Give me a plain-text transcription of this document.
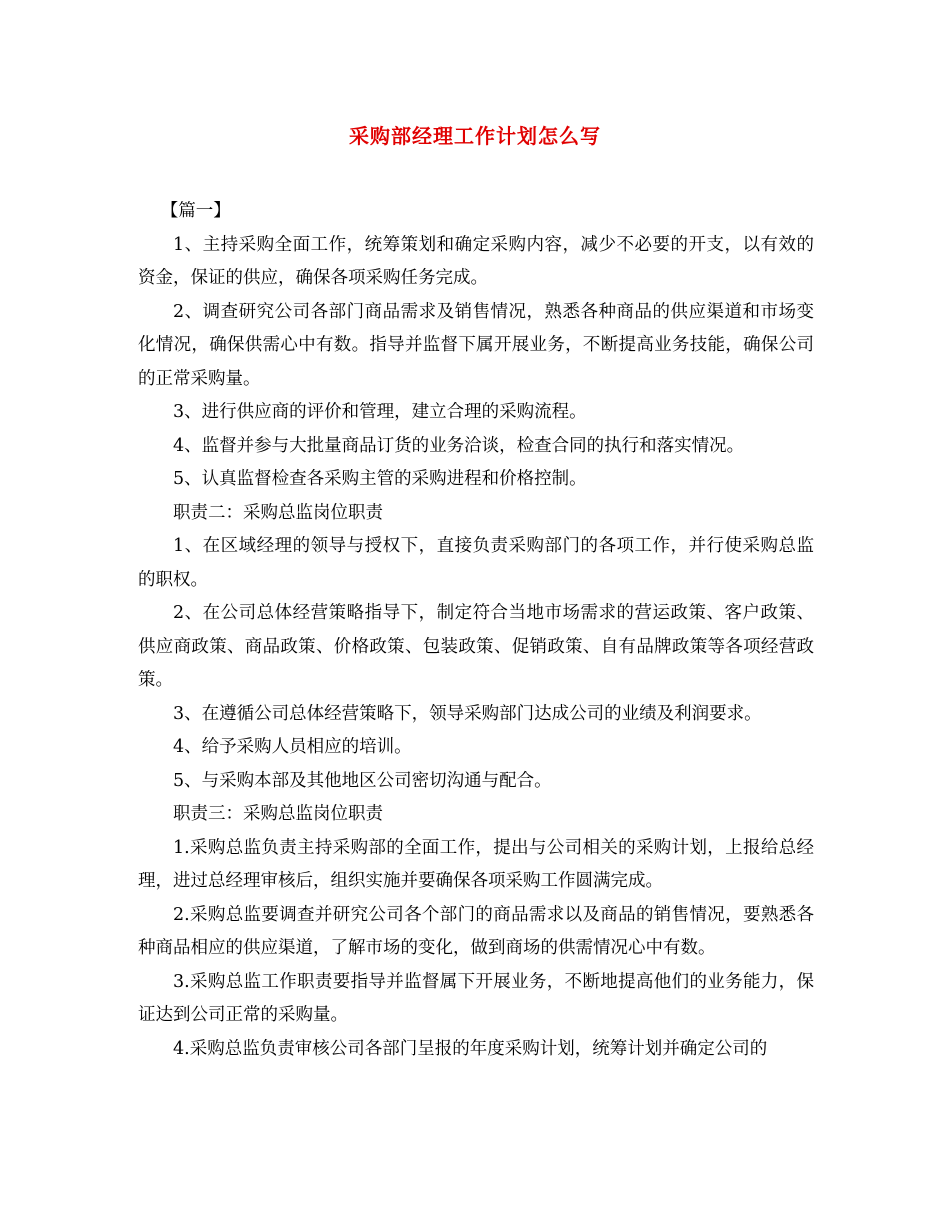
采购部经理工作计划怎么写

【篇一】

1、主持采购全面工作，统筹策划和确定采购内容，减少不必要的开支，以有效的资金，保证的供应，确保各项采购任务完成。

2、调查研究公司各部门商品需求及销售情况，熟悉各种商品的供应渠道和市场变化情况，确保供需心中有数。指导并监督下属开展业务，不断提高业务技能，确保公司的正常采购量。

3、进行供应商的评价和管理，建立合理的采购流程。

4、监督并参与大批量商品订货的业务洽谈，检查合同的执行和落实情况。

5、认真监督检查各采购主管的采购进程和价格控制。

职责二：采购总监岗位职责

1、在区域经理的领导与授权下，直接负责采购部门的各项工作，并行使采购总监的职权。

2、在公司总体经营策略指导下，制定符合当地市场需求的营运政策、客户政策、供应商政策、商品政策、价格政策、包装政策、促销政策、自有品牌政策等各项经营政策。

3、在遵循公司总体经营策略下，领导采购部门达成公司的业绩及利润要求。

4、给予采购人员相应的培训。

5、与采购本部及其他地区公司密切沟通与配合。

职责三：采购总监岗位职责

1.采购总监负责主持采购部的全面工作，提出与公司相关的采购计划，上报给总经理，进过总经理审核后，组织实施并要确保各项采购工作圆满完成。

2.采购总监要调查并研究公司各个部门的商品需求以及商品的销售情况，要熟悉各种商品相应的供应渠道，了解市场的变化，做到商场的供需情况心中有数。

3.采购总监工作职责要指导并监督属下开展业务，不断地提高他们的业务能力，保证达到公司正常的采购量。

4.采购总监负责审核公司各部门呈报的年度采购计划，统筹计划并确定公司的
